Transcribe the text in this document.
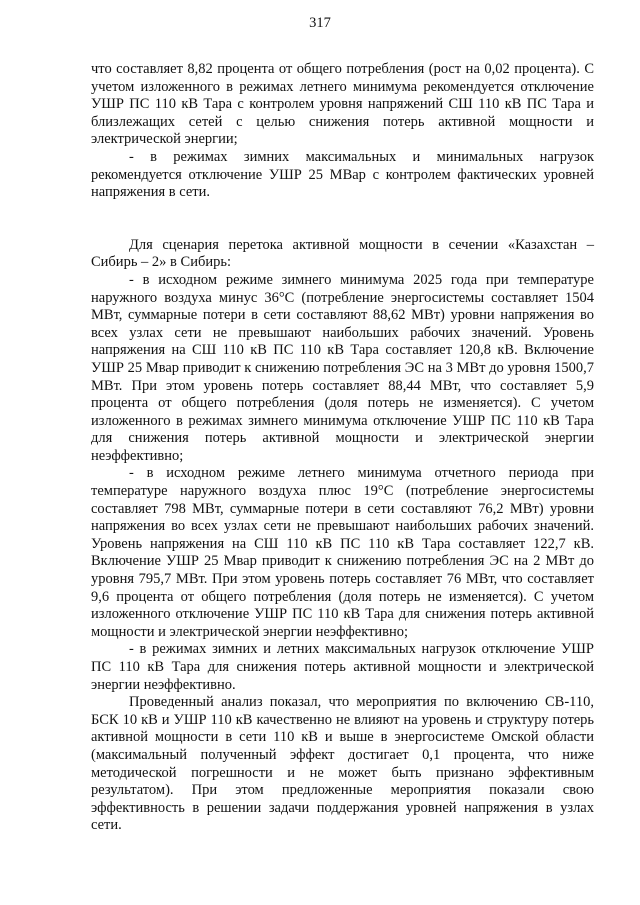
317

что составляет 8,82 процента от общего потребления (рост на 0,02 процента). С учетом изложенного в режимах летнего минимума рекомендуется отключение УШР ПС 110 кВ Тара с контролем уровня напряжений СШ 110 кВ ПС Тара и близлежащих сетей с целью снижения потерь активной мощности и электрической энергии;

- в режимах зимних максимальных и минимальных нагрузок рекомендуется отключение УШР 25 МВар с контролем фактических уровней напряжения в сети.

Для сценария перетока активной мощности в сечении «Казахстан – Сибирь – 2» в Сибирь:

- в исходном режиме зимнего минимума 2025 года при температуре наружного воздуха минус 36°С (потребление энергосистемы составляет 1504 МВт, суммарные потери в сети составляют 88,62 МВт) уровни напряжения во всех узлах сети не превышают наибольших рабочих значений. Уровень напряжения на СШ 110 кВ ПС 110 кВ Тара составляет 120,8 кВ. Включение УШР 25 Мвар приводит к снижению потребления ЭС на 3 МВт до уровня 1500,7 МВт. При этом уровень потерь составляет 88,44 МВт, что составляет 5,9 процента от общего потребления (доля потерь не изменяется). С учетом изложенного в режимах зимнего минимума отключение УШР ПС 110 кВ Тара для снижения потерь активной мощности и электрической энергии неэффективно;

- в исходном режиме летнего минимума отчетного периода при температуре наружного воздуха плюс 19°С (потребление энергосистемы составляет 798 МВт, суммарные потери в сети составляют 76,2 МВт) уровни напряжения во всех узлах сети не превышают наибольших рабочих значений. Уровень напряжения на СШ 110 кВ ПС 110 кВ Тара составляет 122,7 кВ. Включение УШР 25 Мвар приводит к снижению потребления ЭС на 2 МВт до уровня 795,7 МВт. При этом уровень потерь составляет 76 МВт, что составляет 9,6 процента от общего потребления (доля потерь не изменяется). С учетом изложенного отключение УШР ПС 110 кВ Тара для снижения потерь активной мощности и электрической энергии неэффективно;

- в режимах зимних и летних максимальных нагрузок отключение УШР ПС 110 кВ Тара для снижения потерь активной мощности и электрической энергии неэффективно.

Проведенный анализ показал, что мероприятия по включению СВ-110, БСК 10 кВ и УШР 110 кВ качественно не влияют на уровень и структуру потерь активной мощности в сети 110 кВ и выше в энергосистеме Омской области (максимальный полученный эффект достигает 0,1 процента, что ниже методической погрешности и не может быть признано эффективным результатом). При этом предложенные мероприятия показали свою эффективность в решении задачи поддержания уровней напряжения в узлах сети.
